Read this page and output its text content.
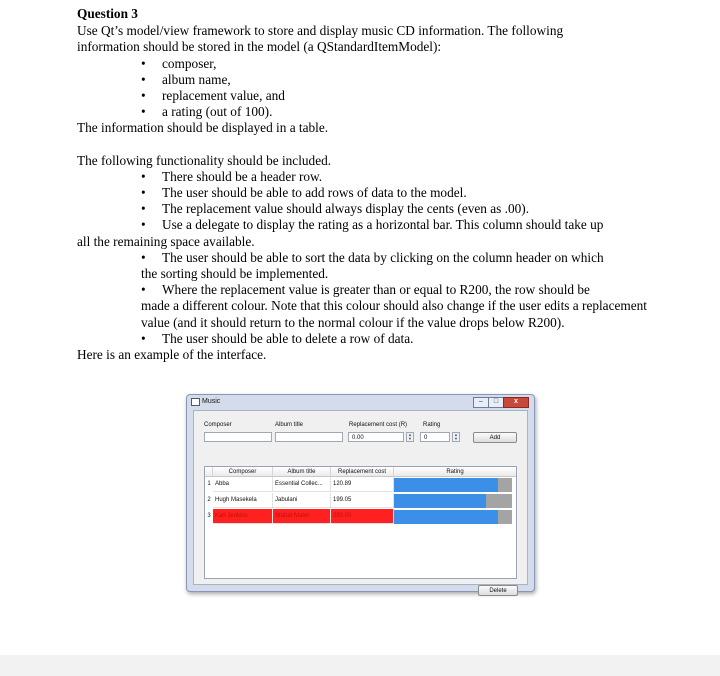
Question 3

Use Qt’s model/view framework to store and display music CD information. The following

information should be stored in the model (a QStandardItemModel):

• composer,
• album name,
• replacement value, and
• a rating (out of 100).

The information should be displayed in a table.

The following functionality should be included.

•	There should be a header row.
•	The user should be able to add rows of data to the model.
•	The replacement value should always display the cents (even as .00).
•	Use a delegate to display the rating as a horizontal bar. This column should take up
all the remaining space available.
•	The user should be able to sort the data by clicking on the column header on which
the sorting should be implemented.
•	Where the replacement value is greater than or equal to R200, the row should be
made a different colour. Note that this colour should also change if the user edits a replacement value (and it should return to the normal colour if the value drops below R200).
•	The user should be able to delete a row of data.

Here is an example of the interface.

Music	–	□	x
Composer	Album title	Replacement cost (R)	Rating
0.00
▲
▼	0
▲
▼	Add
Composer	Album title	Replacement cost	Rating
1 Abba	Essential Collec...	120.89
2 Hugh Masekela	Jabulani	199.05
3 Karl Jenkins	Stabat Mater	250.00
Delete
